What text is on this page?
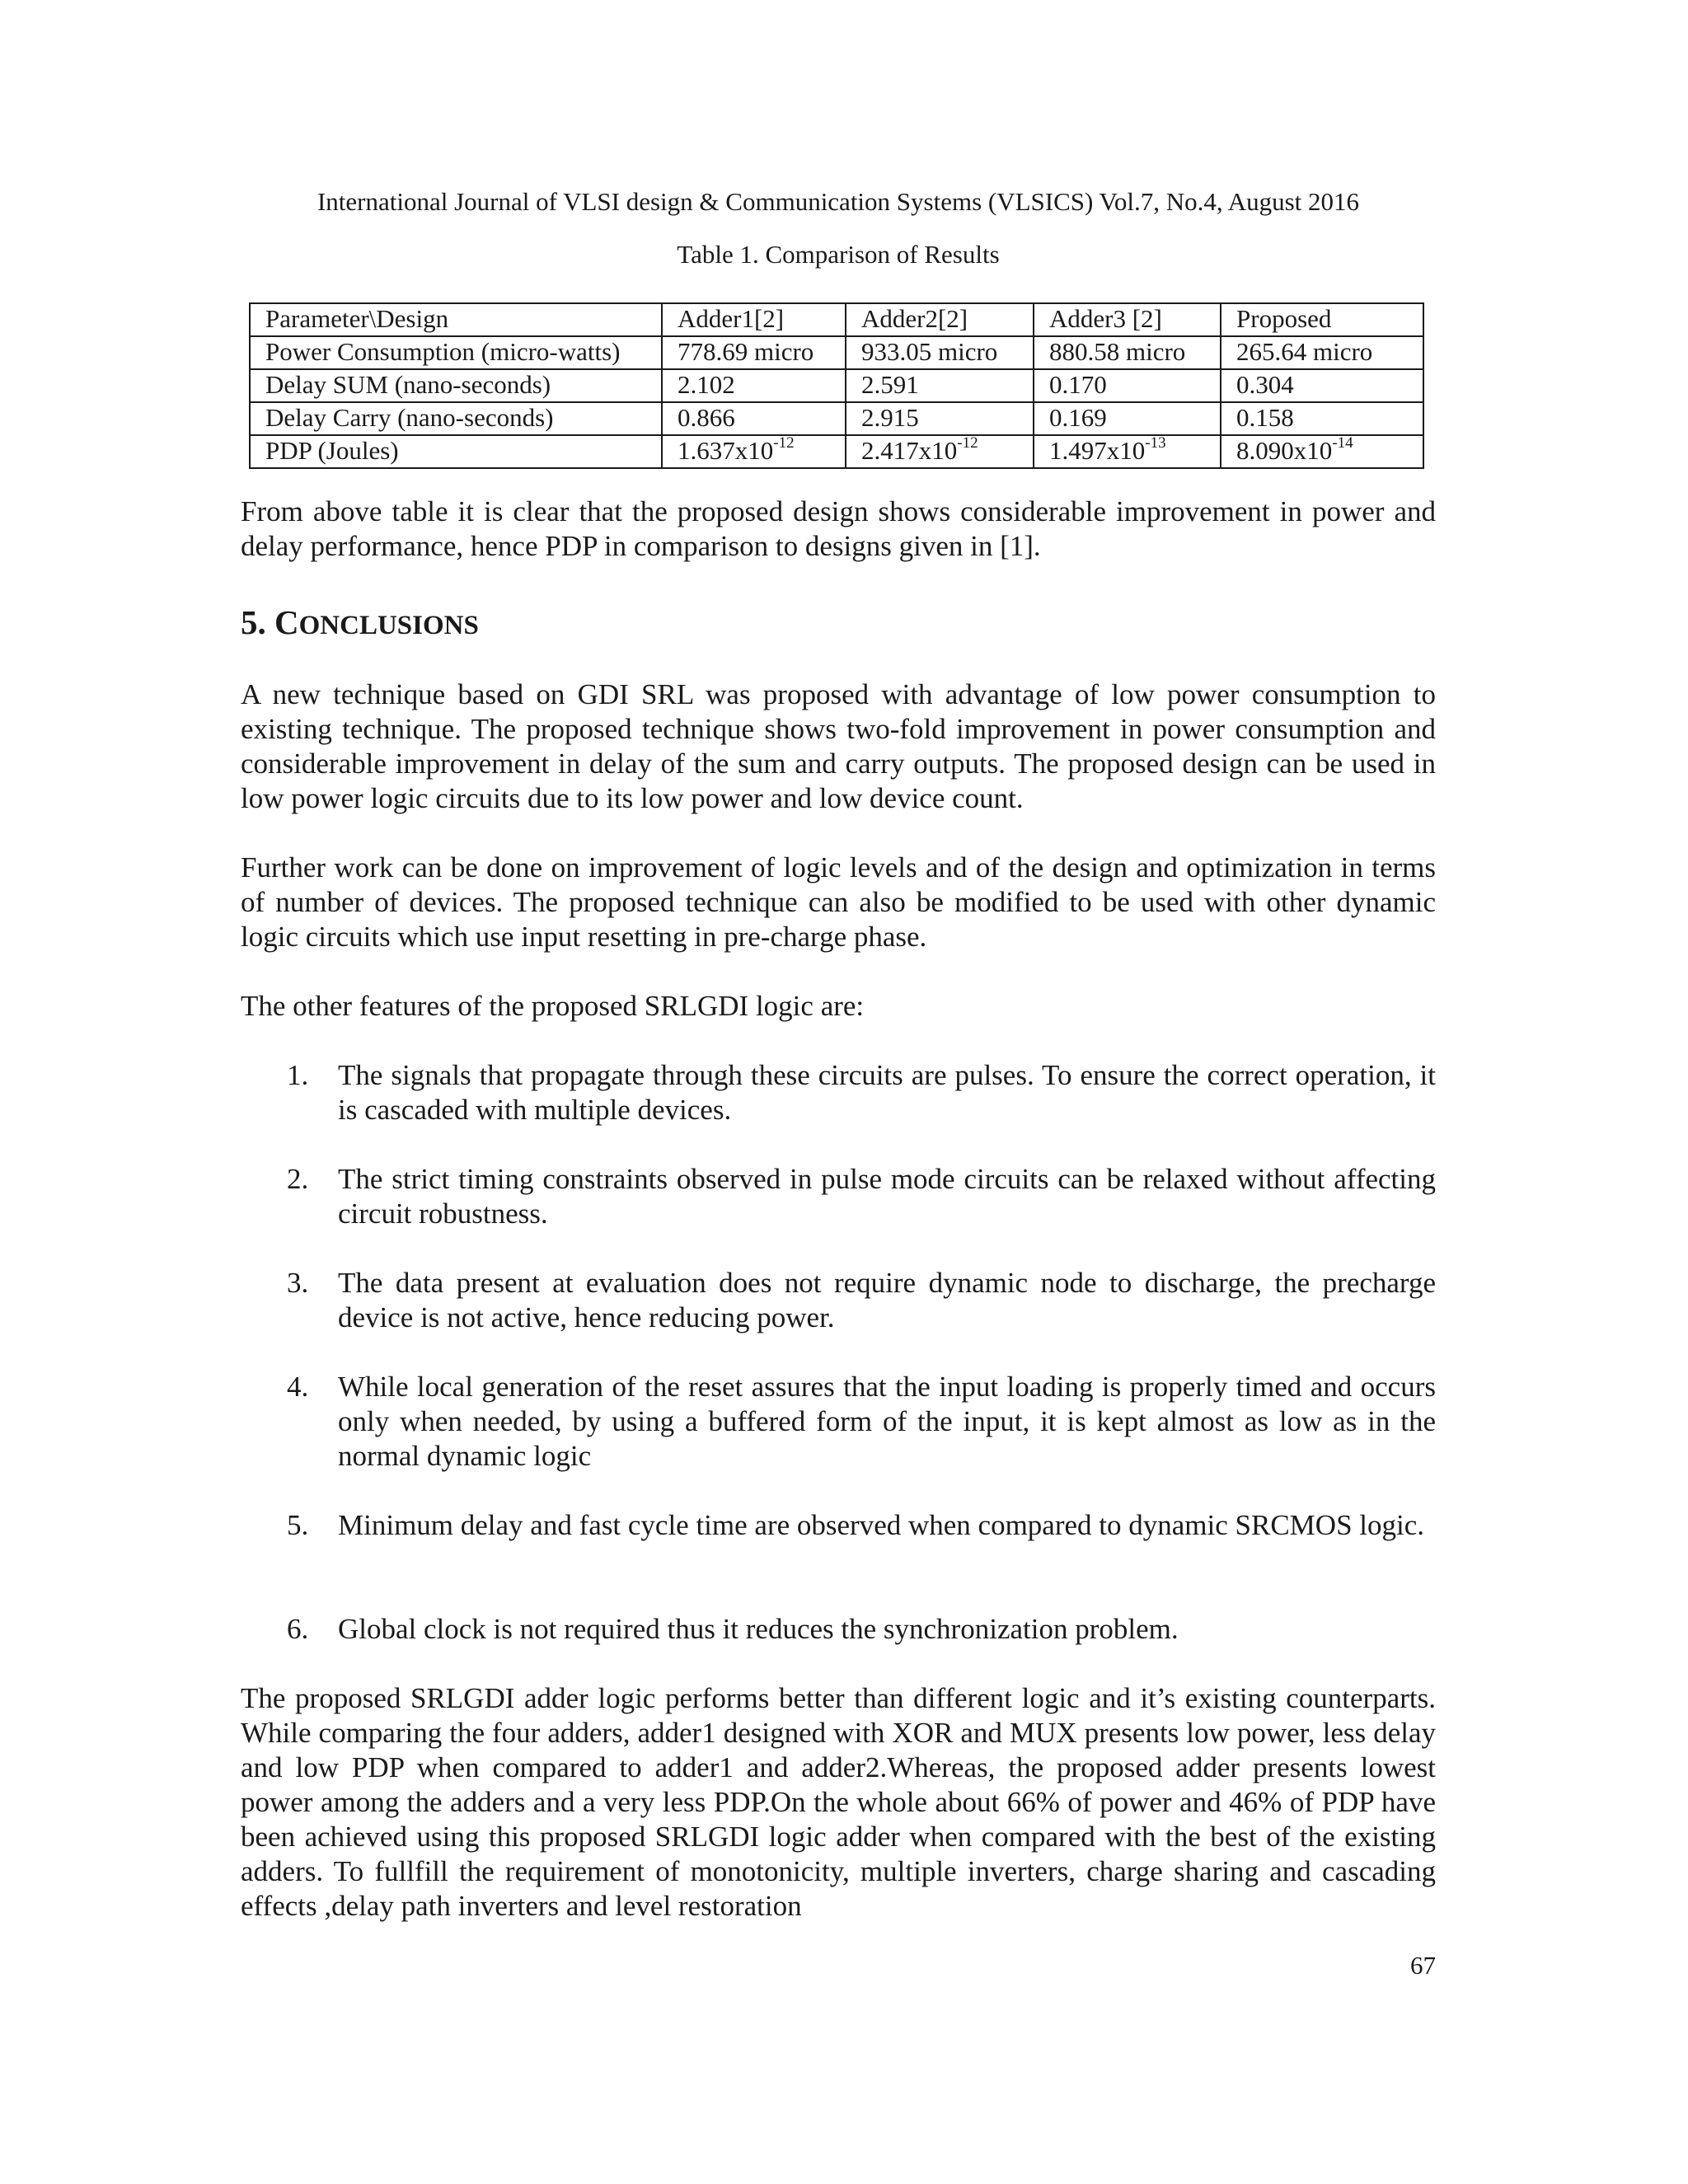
International Journal of VLSI design & Communication Systems (VLSICS) Vol.7, No.4, August 2016
Table 1. Comparison of Results
Parameter\Design	Adder1[2]	Adder2[2]	Adder3 [2]	Proposed
Power Consumption (micro-watts)	778.69 micro	933.05 micro	880.58 micro	265.64 micro
Delay SUM (nano-seconds)	2.102	2.591	0.170	0.304
Delay Carry (nano-seconds)	0.866	2.915	0.169	0.158
PDP (Joules)	$1.637x10^{-12}$	$2.417x10^{-12}$	$1.497x10^{-13}$	$8.090x10^{-14}$

From above table it is clear that the proposed design shows considerable improvement in power and delay performance, hence PDP in comparison to designs given in [1].

5. CONCLUSIONS

A new technique based on GDI SRL was proposed with advantage of low power consumption to existing technique. The proposed technique shows two-fold improvement in power consumption and considerable improvement in delay of the sum and carry outputs. The proposed design can be used in low power logic circuits due to its low power and low device count.

Further work can be done on improvement of logic levels and of the design and optimization in terms of number of devices. The proposed technique can also be modified to be used with other dynamic logic circuits which use input resetting in pre-charge phase.

The other features of the proposed SRLGDI logic are:

1.	The signals that propagate through these circuits are pulses. To ensure the correct operation, it is cascaded with multiple devices.
2.	The strict timing constraints observed in pulse mode circuits can be relaxed without affecting circuit robustness.
3.	The data present at evaluation does not require dynamic node to discharge, the precharge device is not active, hence reducing power.
4.	While local generation of the reset assures that the input loading is properly timed and occurs only when needed, by using a buffered form of the input, it is kept almost as low as in the normal dynamic logic
5.	Minimum delay and fast cycle time are observed when compared to dynamic SRCMOS logic.
6.	Global clock is not required thus it reduces the synchronization problem.

The proposed SRLGDI adder logic performs better than different logic and it’s existing counterparts. While comparing the four adders, adder1 designed with XOR and MUX presents low power, less delay and low PDP when compared to adder1 and adder2.Whereas, the proposed adder presents lowest power among the adders and a very less PDP.On the whole about 66% of power and 46% of PDP have been achieved using this proposed SRLGDI logic adder when compared with the best of the existing adders. To fullfill the requirement of monotonicity, multiple inverters, charge sharing and cascading effects ,delay path inverters and level restoration

67
